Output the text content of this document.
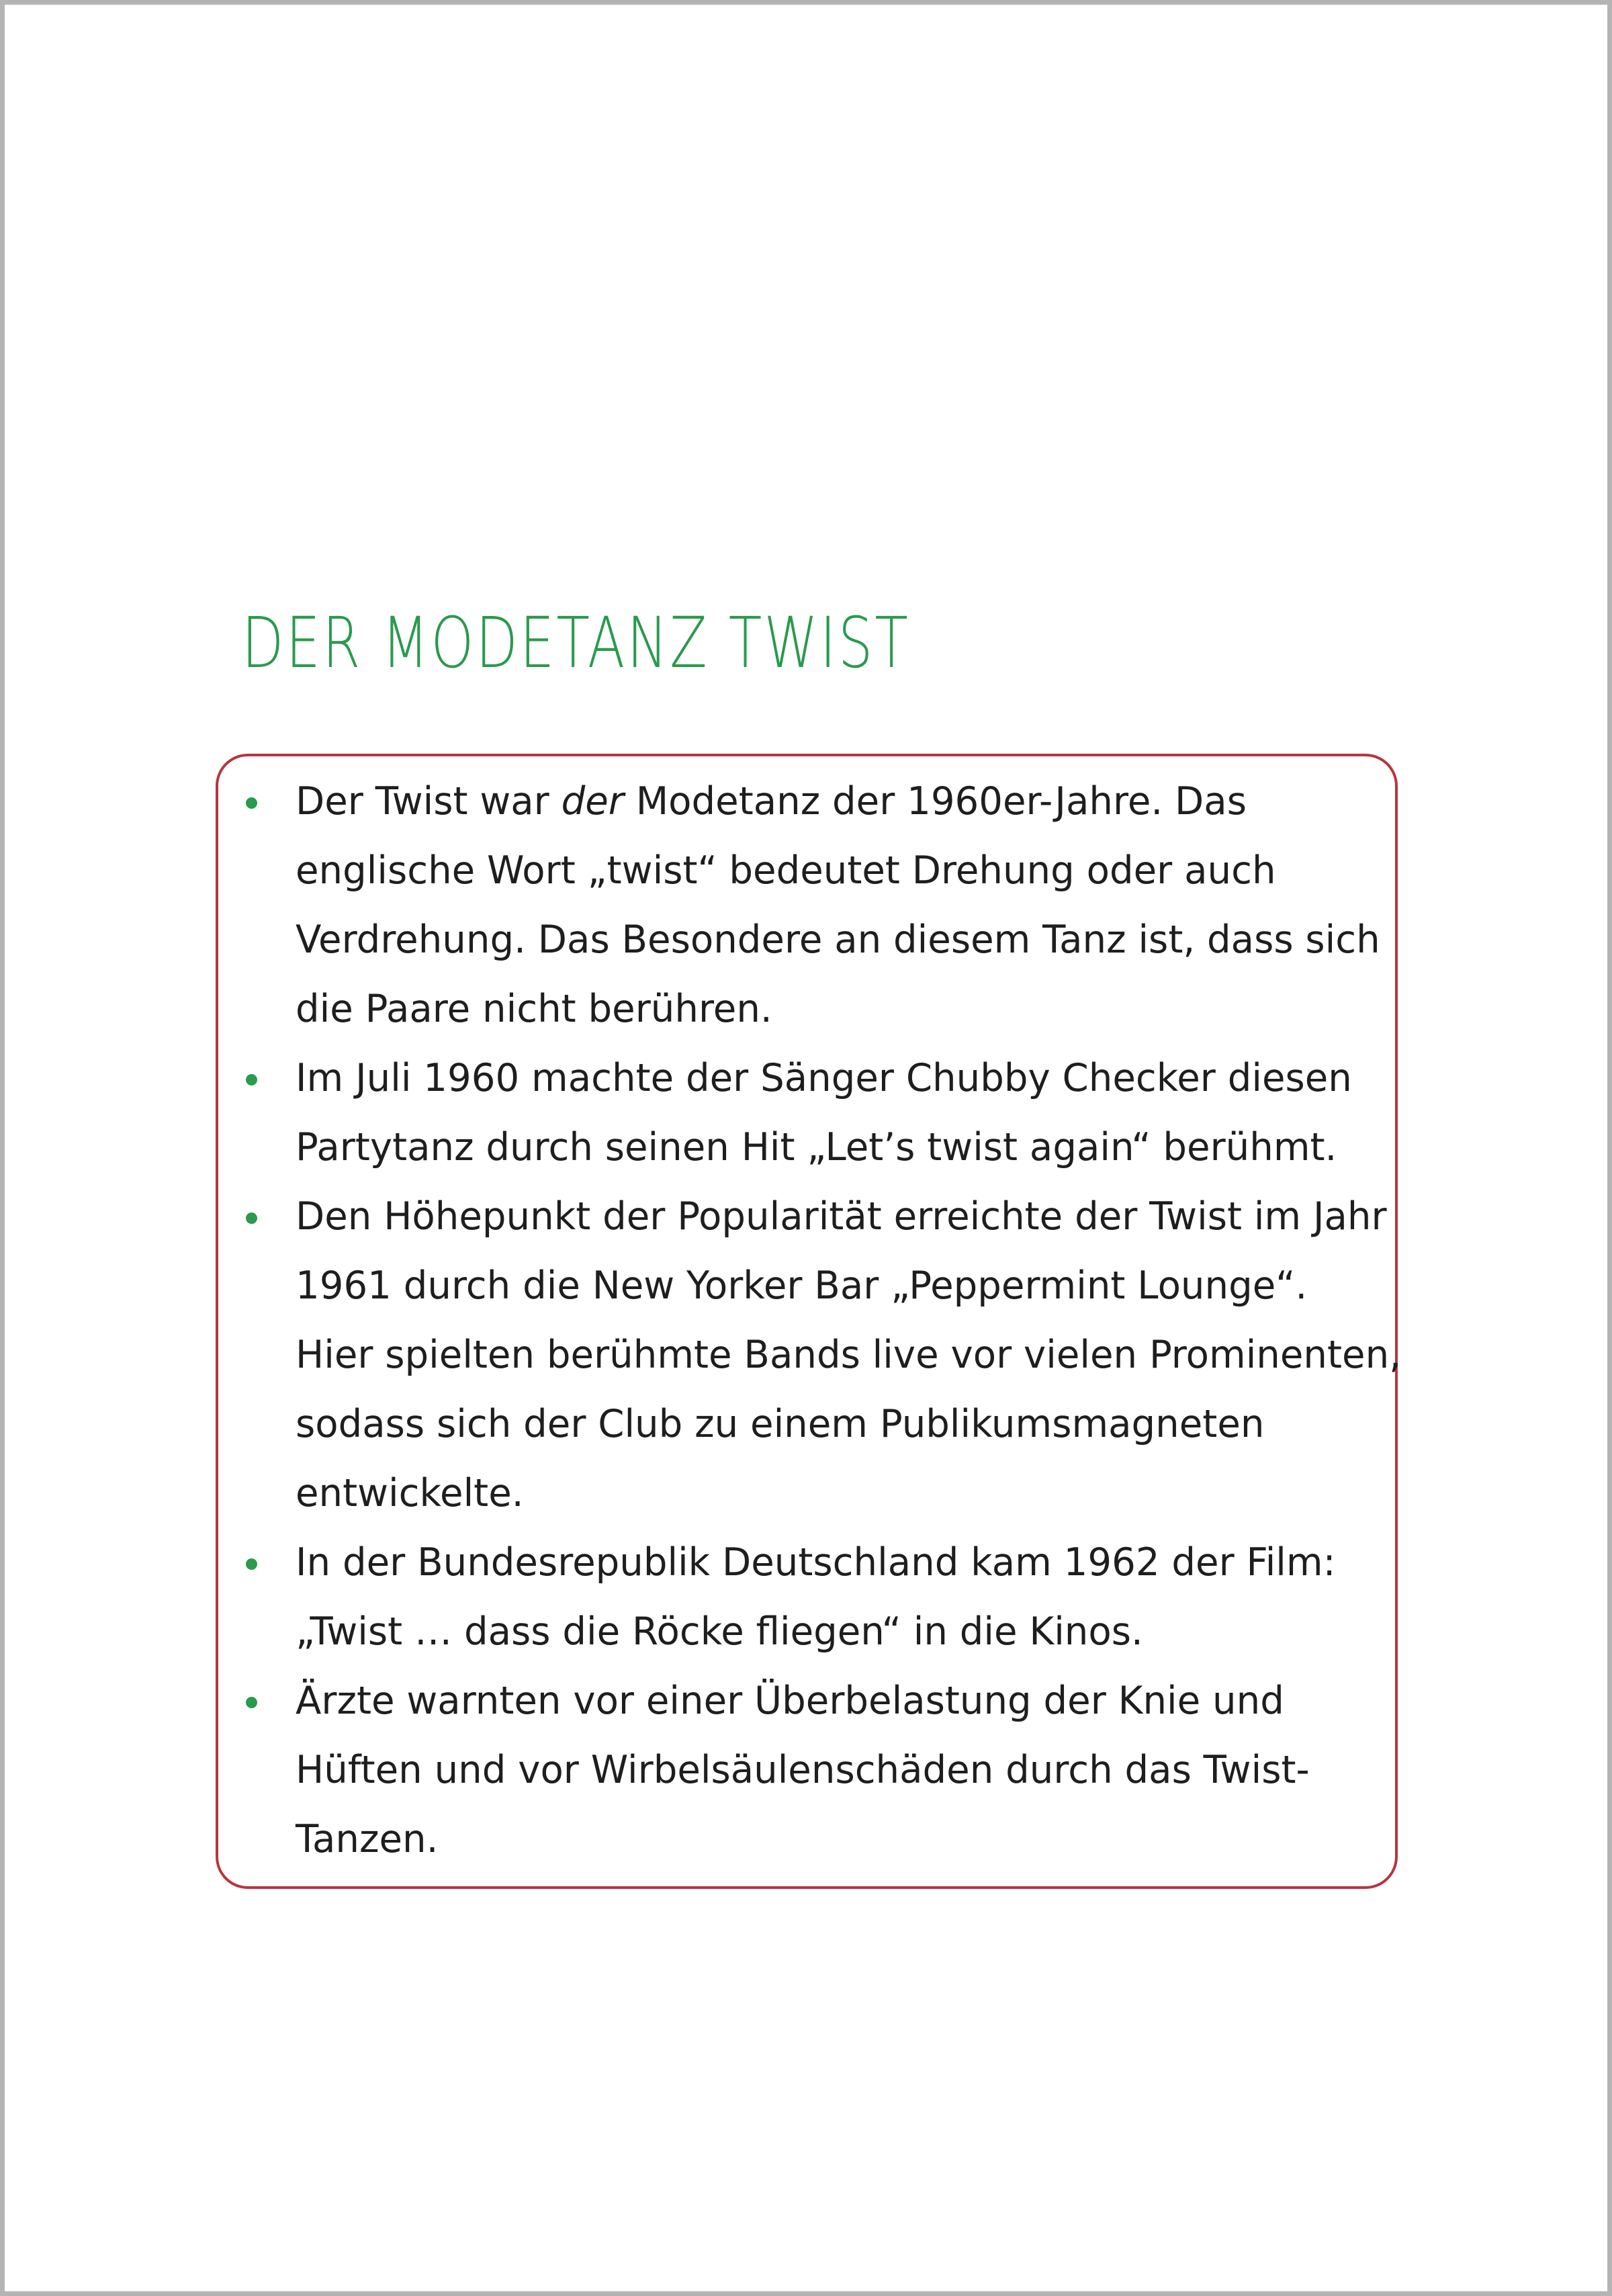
DER MODETANZ TWIST
Der Twist war der Modetanz der 1960er-Jahre. Das
englische Wort „twist“ bedeutet Drehung oder auch
Verdrehung. Das Besondere an diesem Tanz ist, dass sich
die Paare nicht berühren.
Im Juli 1960 machte der Sänger Chubby Checker diesen
Partytanz durch seinen Hit „Let’s twist again“ berühmt.
Den Höhepunkt der Popularität erreichte der Twist im Jahr
1961 durch die New Yorker Bar „Peppermint Lounge“.
Hier spielten berühmte Bands live vor vielen Prominenten,
sodass sich der Club zu einem Publikumsmagneten
entwickelte.
In der Bundesrepublik Deutschland kam 1962 der Film:
„Twist … dass die Röcke fliegen“ in die Kinos.
Ärzte warnten vor einer Überbelastung der Knie und
Hüften und vor Wirbelsäulenschäden durch das Twist-
Tanzen.
